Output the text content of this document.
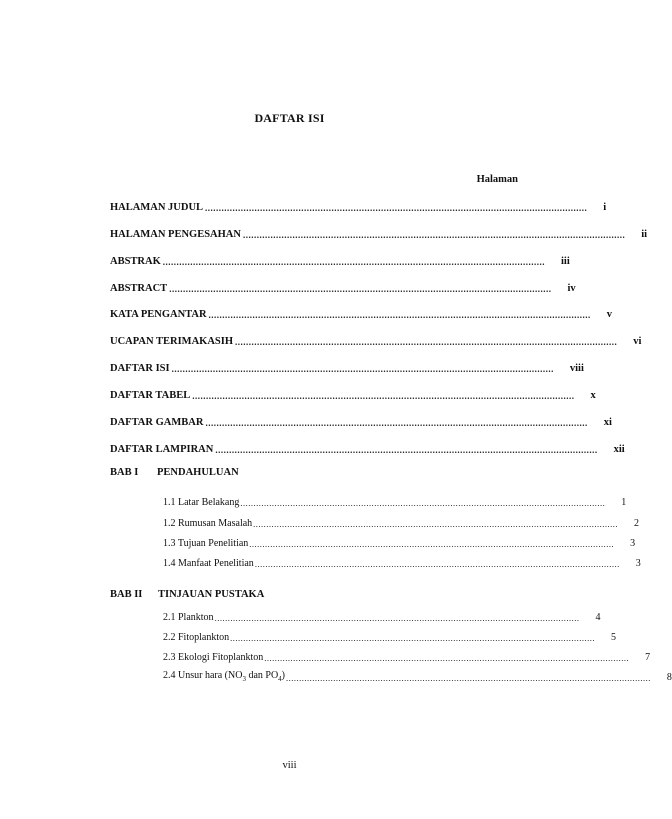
DAFTAR ISI
Halaman
HALAMAN JUDUL ...........................................................................................................................................	i
HALAMAN PENGESAHAN ...........................................................................................................................................	ii
ABSTRAK ...........................................................................................................................................	iii
ABSTRACT ...........................................................................................................................................	iv
KATA PENGANTAR ...........................................................................................................................................	v
UCAPAN TERIMAKASIH ...........................................................................................................................................	vi
DAFTAR ISI ...........................................................................................................................................	viii
DAFTAR TABEL ...........................................................................................................................................	x
DAFTAR GAMBAR ...........................................................................................................................................	xi
DAFTAR LAMPIRAN ...........................................................................................................................................	xii
BAB I PENDAHULUAN
1.1 Latar Belakang ...........................................................................................................................................	1
1.2 Rumusan Masalah ...........................................................................................................................................	2
1.3 Tujuan Penelitian ...........................................................................................................................................	3
1.4 Manfaat Penelitian ...........................................................................................................................................	3
BAB II TINJAUAN PUSTAKA
2.1 Plankton ...........................................................................................................................................	4
2.2 Fitoplankton ...........................................................................................................................................	5
2.3 Ekologi Fitoplankton ...........................................................................................................................................	7
2.4 Unsur hara ($NO_3$ dan $PO_4$) ...........................................................................................................................................	8
viii
